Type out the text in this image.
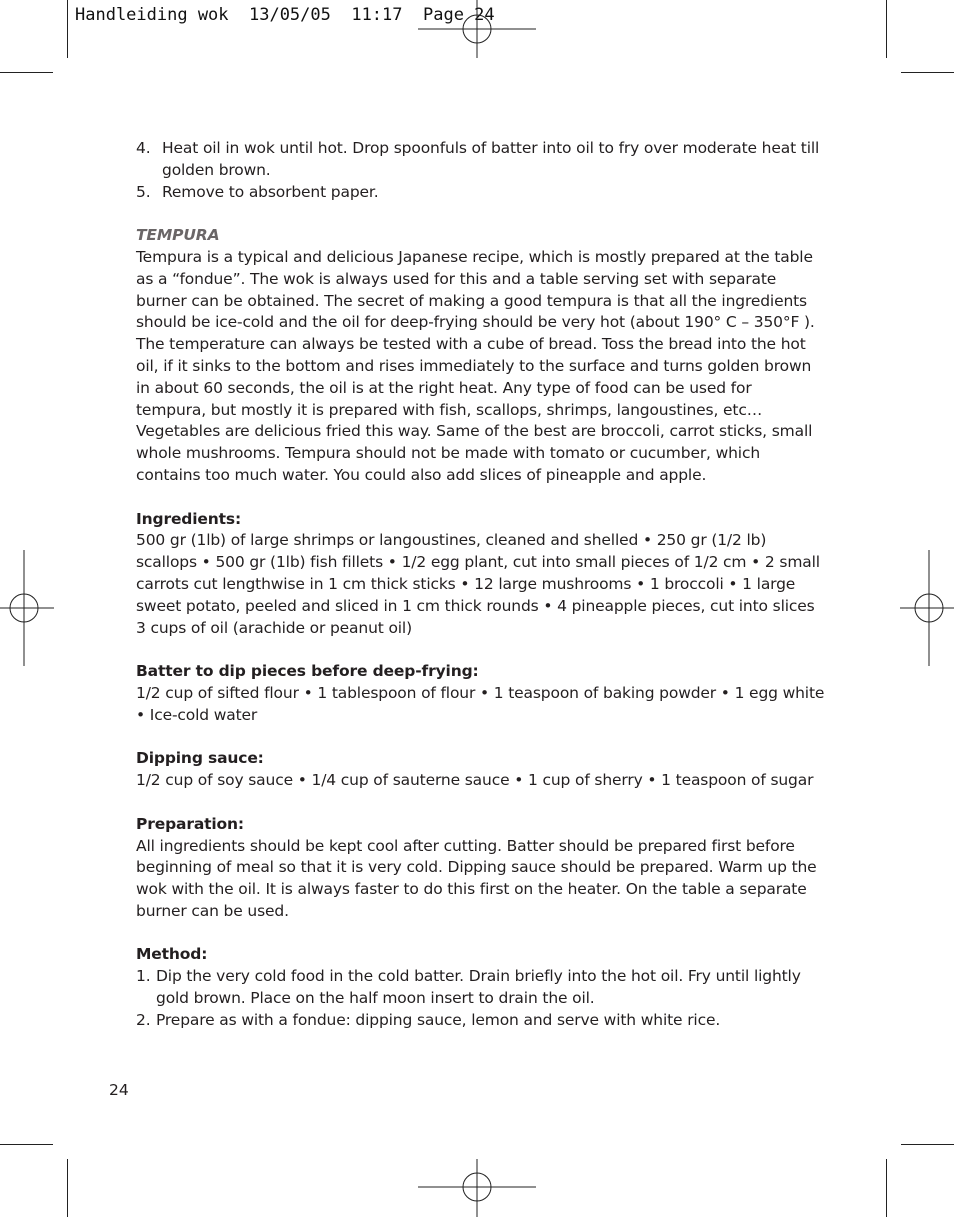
Handleiding wok  13/05/05  11:17  Page 24
4. Heat oil in wok until hot. Drop spoonfuls of batter into oil to fry over moderate heat till golden brown.

5. Remove to absorbent paper.

TEMPURA

Tempura is a typical and delicious Japanese recipe, which is mostly prepared at the table as a “fondue”. The wok is always used for this and a table serving set with separate burner can be obtained. The secret of making a good tempura is that all the ingredients should be ice-cold and the oil for deep-frying should be very hot (about 190° C – 350°F ). The temperature can always be tested with a cube of bread. Toss the bread into the hot oil, if it sinks to the bottom and rises immediately to the surface and turns golden brown in about 60 seconds, the oil is at the right heat. Any type of food can be used for tempura, but mostly it is prepared with fish, scallops, shrimps, langoustines, etc… Vegetables are delicious fried this way. Same of the best are broccoli, carrot sticks, small whole mushrooms. Tempura should not be made with tomato or cucumber, which contains too much water. You could also add slices of pineapple and apple.

Ingredients:

500 gr (1lb) of large shrimps or langoustines, cleaned and shelled • 250 gr (1/2 lb) scallops • 500 gr (1lb) fish fillets • 1/2 egg plant, cut into small pieces of 1/2 cm • 2 small carrots cut lengthwise in 1 cm thick sticks • 12 large mushrooms • 1 broccoli • 1 large sweet potato, peeled and sliced in 1 cm thick rounds • 4 pineapple pieces, cut into slices 3 cups of oil (arachide or peanut oil)

Batter to dip pieces before deep-frying:

1/2 cup of sifted flour • 1 tablespoon of flour • 1 teaspoon of baking powder • 1 egg white • Ice-cold water

Dipping sauce:

1/2 cup of soy sauce • 1/4 cup of sauterne sauce • 1 cup of sherry • 1 teaspoon of sugar

Preparation:

All ingredients should be kept cool after cutting. Batter should be prepared first before beginning of meal so that it is very cold. Dipping sauce should be prepared. Warm up the wok with the oil. It is always faster to do this first on the heater. On the table a separate burner can be used.

Method:

1. Dip the very cold food in the cold batter. Drain briefly into the hot oil. Fry until lightly gold brown. Place on the half moon insert to drain the oil.

2. Prepare as with a fondue: dipping sauce, lemon and serve with white rice.

24
